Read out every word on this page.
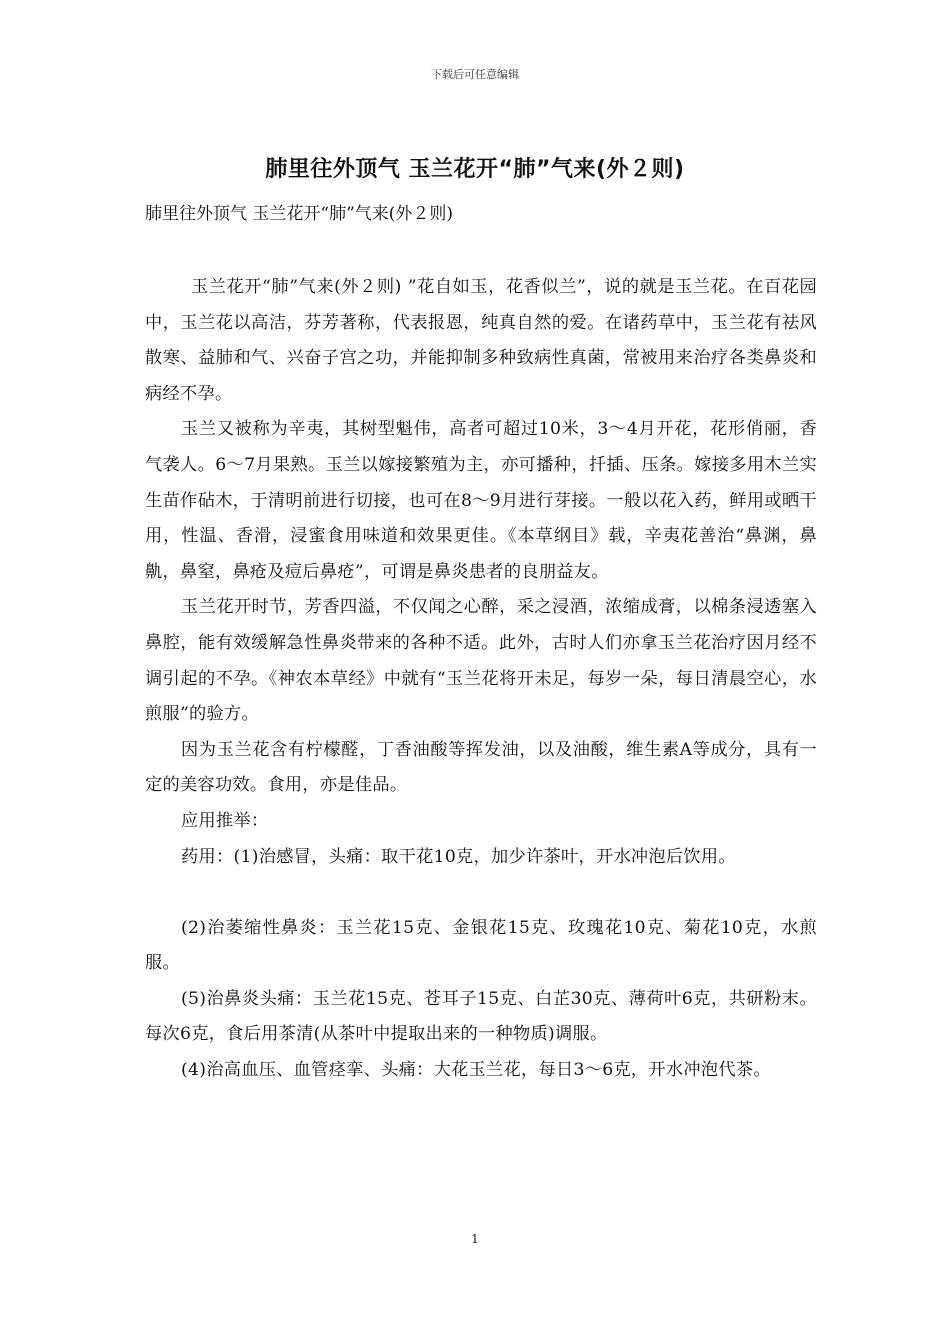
下载后可任意编辑
肺里往外顶气 玉兰花开“肺”气来(外２则)
肺里往外顶气 玉兰花开“肺”气来(外２则)

玉兰花开“肺”气来(外２则) ”花自如玉，花香似兰”，说的就是玉兰花。在百花园中，玉兰花以高洁，芬芳著称，代表报恩，纯真自然的爱。在诸药草中，玉兰花有祛风散寒、益肺和气、兴奋子宫之功，并能抑制多种致病性真菌，常被用来治疗各类鼻炎和病经不孕。

玉兰又被称为辛夷，其树型魁伟，高者可超过10米，3～4月开花，花形俏丽，香气袭人。6～7月果熟。玉兰以嫁接繁殖为主，亦可播种，扦插、压条。嫁接多用木兰实生苗作砧木，于清明前进行切接，也可在8～9月进行芽接。一般以花入药，鲜用或晒干用，性温、香滑，浸蜜食用味道和效果更佳。《本草纲目》载，辛夷花善治“鼻渊，鼻鼽，鼻窒，鼻疮及痘后鼻疮”，可谓是鼻炎患者的良朋益友。

玉兰花开时节，芳香四溢，不仅闻之心醉，采之浸酒，浓缩成膏，以棉条浸透塞入鼻腔，能有效缓解急性鼻炎带来的各种不适。此外，古时人们亦拿玉兰花治疗因月经不调引起的不孕。《神农本草经》中就有“玉兰花将开未足，每岁一朵，每日清晨空心，水煎服”的验方。

因为玉兰花含有柠檬醛，丁香油酸等挥发油，以及油酸，维生素A等成分，具有一定的美容功效。食用，亦是佳品。

应用推举：

药用：(1)治感冒，头痛：取干花10克，加少许茶叶，开水冲泡后饮用。

(2)治萎缩性鼻炎：玉兰花15克、金银花15克、玫瑰花10克、菊花10克，水煎服。

(5)治鼻炎头痛：玉兰花15克、苍耳子15克、白芷30克、薄荷叶6克，共研粉末。每次6克，食后用茶清(从茶叶中提取出来的一种物质)调服。

(4)治高血压、血管痉挛、头痛：大花玉兰花，每日3～6克，开水冲泡代茶。

1
